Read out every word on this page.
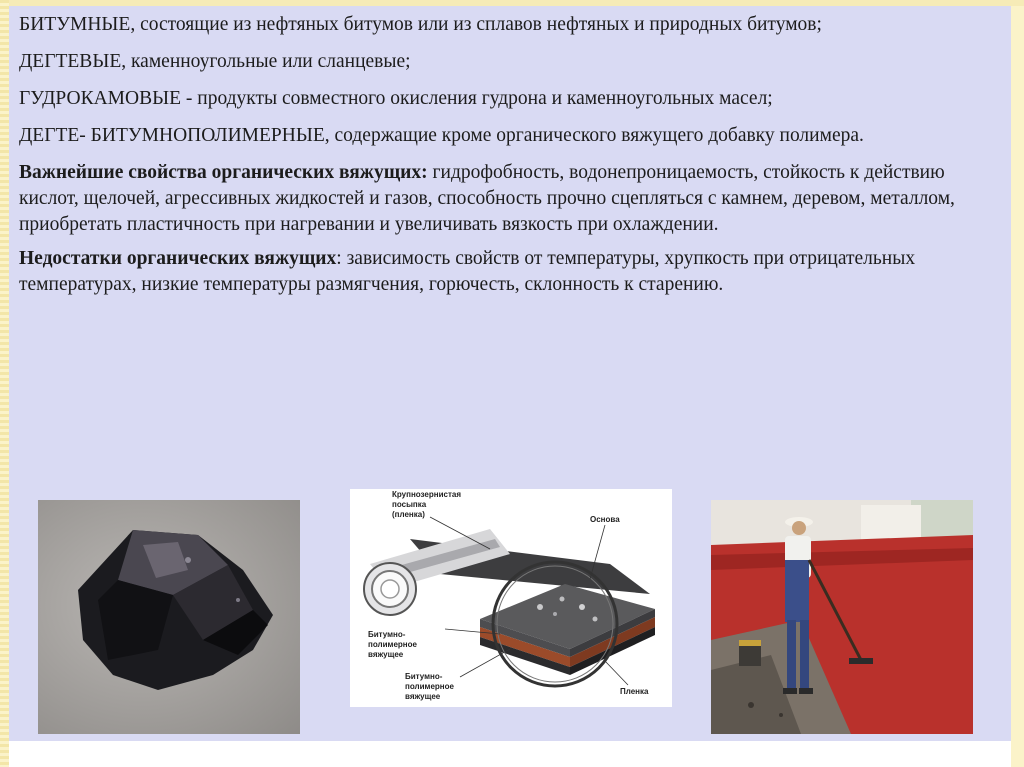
БИТУМНЫЕ, состоящие из нефтяных битумов или из сплавов нефтяных и природных битумов;

ДЕГТЕВЫЕ, каменноугольные или сланцевые;

ГУДРОКАМОВЫЕ - продукты совместного окисления гудрона и каменноугольных масел;

ДЕГТЕ- БИТУМНОПОЛИМЕРНЫЕ, содержащие кроме органического вяжущего добавку полимера.

Важнейшие свойства органических вяжущих: гидрофобность, водонепроницаемость, стойкость к действию кислот, щелочей, агрессивных жидкостей и газов, способность прочно сцепляться с камнем, деревом, металлом, приобретать пластичность при нагревании и увеличивать вязкость при охлаждении.

Недостатки органических вяжущих: зависимость свойств от температуры, хрупкость при отрицательных температурах, низкие температуры размягчения, горючесть, склонность к старению.

Крупнозернистая
посыпка
(пленка)
Основа
Битумно-
полимерное
вяжущее
Битумно-
полимерное
вяжущее
Пленка
